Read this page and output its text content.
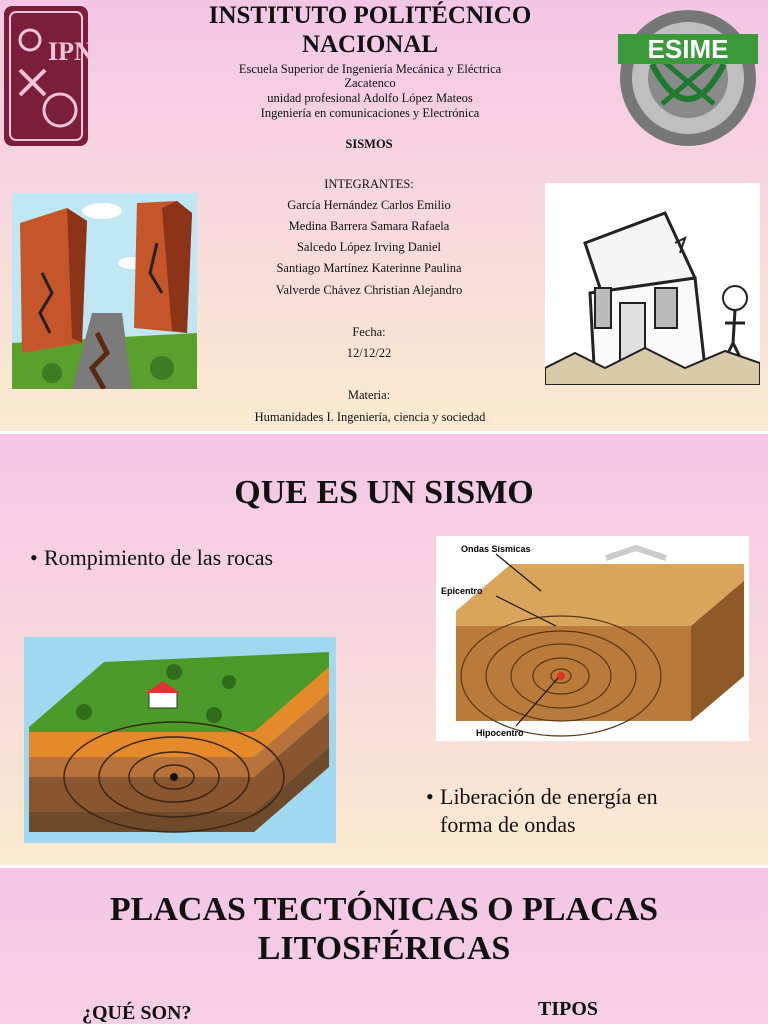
IPN	ESIME
INSTITUTO POLITÉCNICO NACIONAL
Escuela Superior de Ingeniería Mecánica y Eléctrica
Zacatenco
unidad profesional Adolfo López Mateos
Ingeniería en comunicaciones y Electrónica
SISMOS
INTEGRANTES:
García Hernández Carlos Emilio
Medina Barrera Samara Rafaela
Salcedo López Irving Daniel
Santiago Martínez Katerinne Paulina
Valverde Chávez Christian Alejandro
Fecha:
12/12/22
Materia:
Humanidades I. Ingeniería, ciencia y sociedad
QUE ES UN SISMO
• Rompimiento de las rocas
• Liberación de energía en
forma de ondas
Ondas Sísmicas
Epicentro
Hipocentro
PLACAS TECTÓNICAS O PLACAS
LITOSFÉRICAS
¿QUÉ SON?	TIPOS
